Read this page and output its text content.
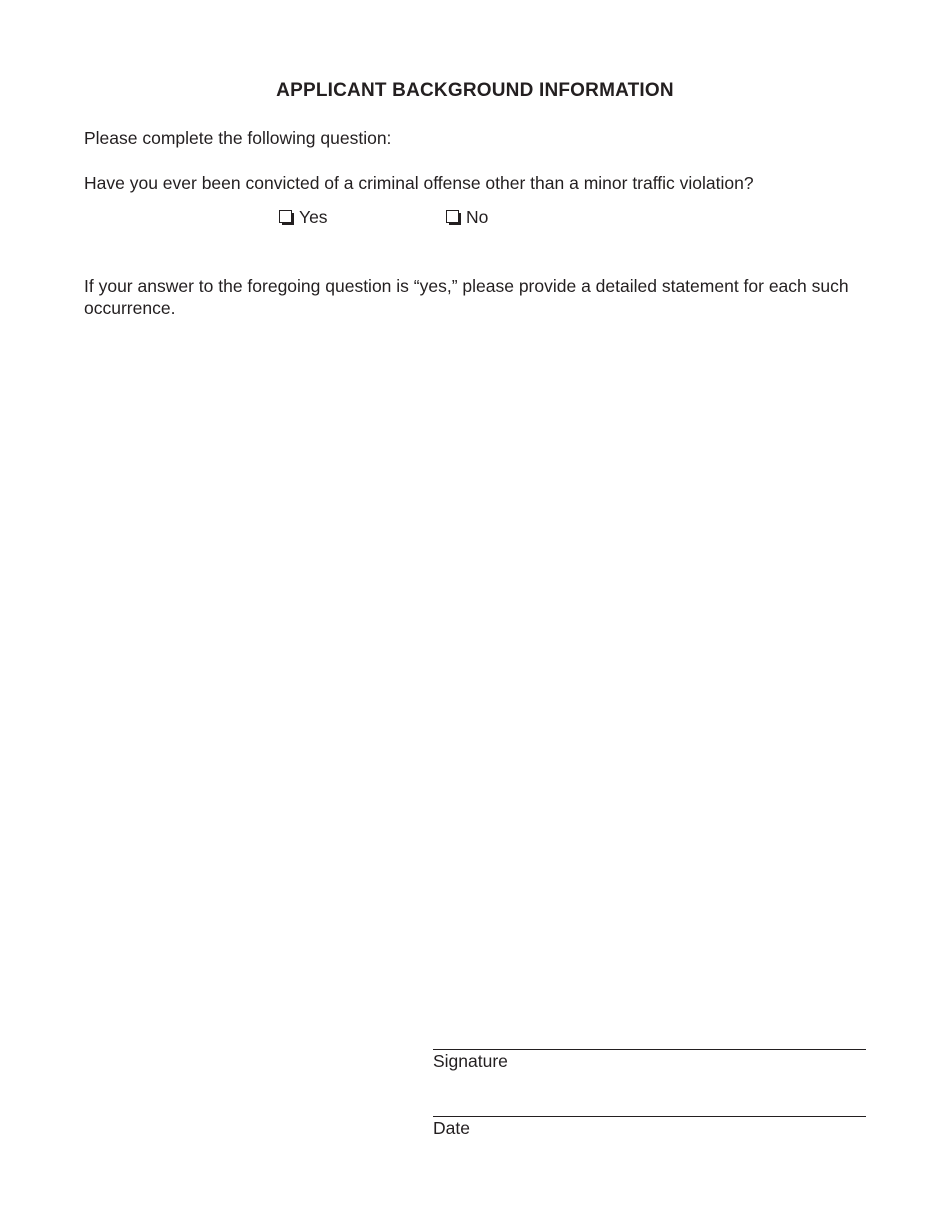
APPLICANT BACKGROUND INFORMATION
Please complete the following question:
Have you ever been convicted of a criminal offense other than a minor traffic violation?
Yes	No
If your answer to the foregoing question is “yes,” please provide a detailed statement for each such occurrence.
Signature
Date
